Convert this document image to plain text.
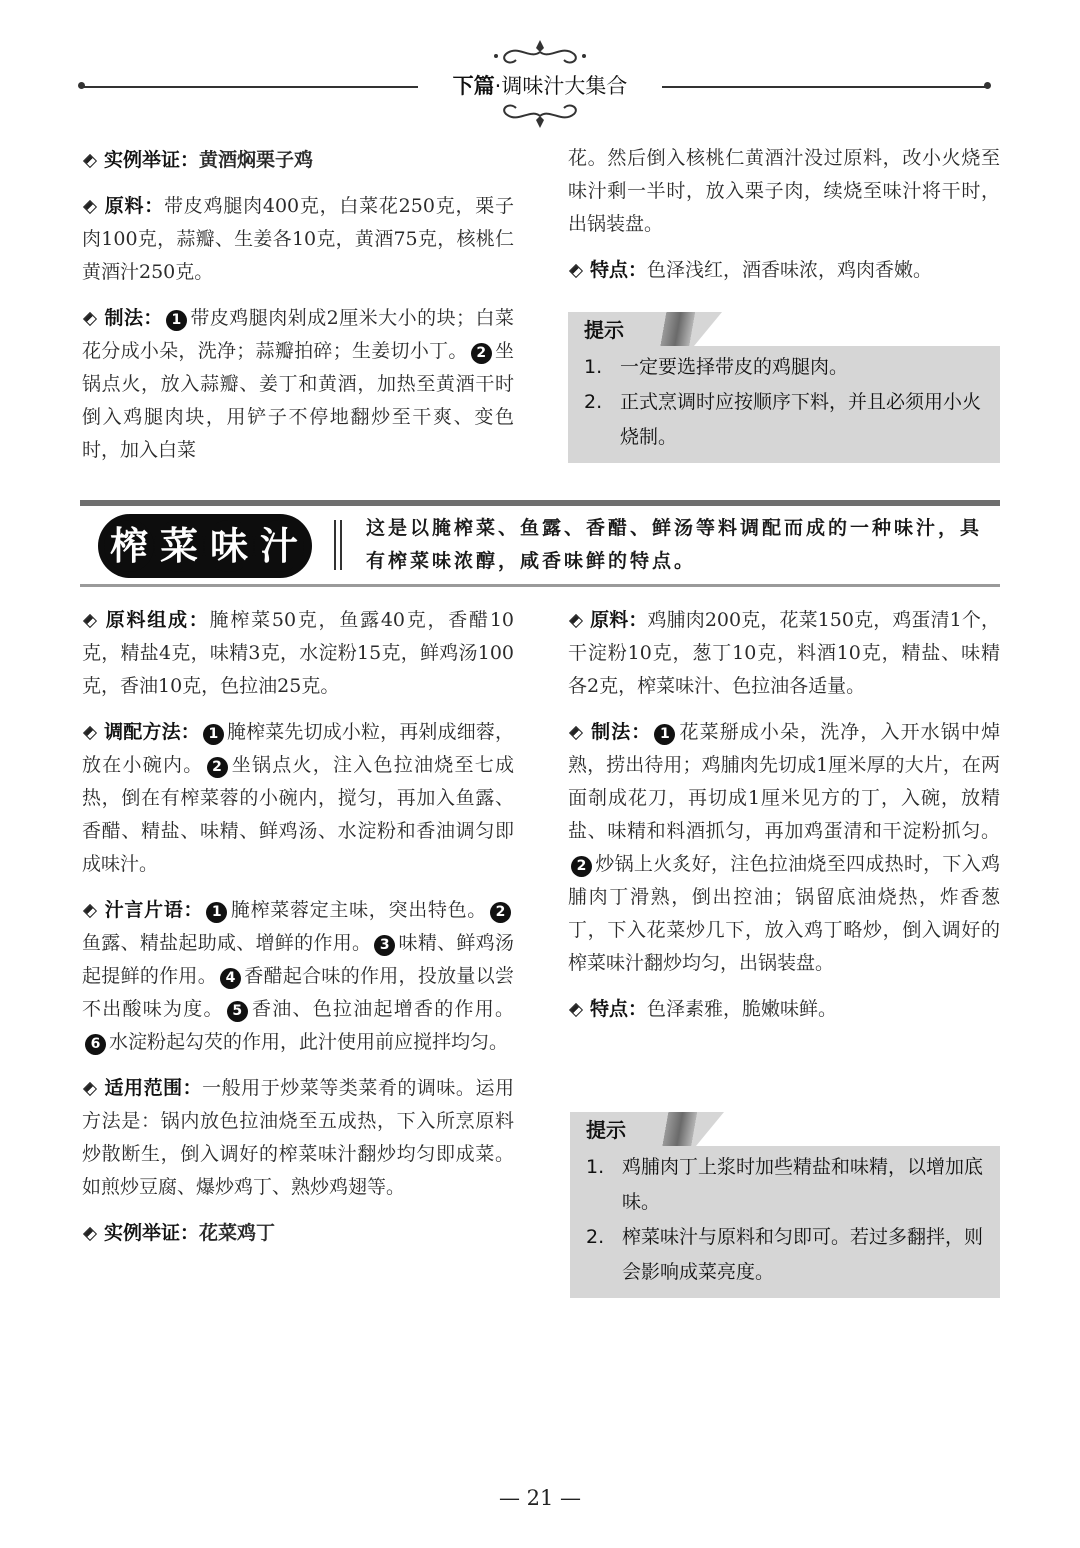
下篇·调味汁大集合

实例举证：黄酒焖栗子鸡

原料：带皮鸡腿肉400克，白菜花250克，栗子肉100克，蒜瓣、生姜各10克，黄酒75克，核桃仁黄酒汁250克。

制法： 1 带皮鸡腿肉剁成2厘米大小的块；白菜花分成小朵，洗净；蒜瓣拍碎；生姜切小丁。 2 坐锅点火，放入蒜瓣、姜丁和黄酒，加热至黄酒干时倒入鸡腿肉块，用铲子不停地翻炒至干爽、变色时，加入白菜

花。然后倒入核桃仁黄酒汁没过原料，改小火烧至味汁剩一半时，放入栗子肉，续烧至味汁将干时，出锅装盘。

特点：色泽浅红，酒香味浓，鸡肉香嫩。

提示
1. 一定要选择带皮的鸡腿肉。
2. 正式烹调时应按顺序下料，并且必须用小火烧制。
榨 菜 味 汁	这是以腌榨菜、鱼露、香醋、鲜汤等料调配而成的一种味汁，具有榨菜味浓醇，咸香味鲜的特点。

原料组成：腌榨菜50克，鱼露40克，香醋10克，精盐4克，味精3克，水淀粉15克，鲜鸡汤100克，香油10克，色拉油25克。

调配方法： 1 腌榨菜先切成小粒，再剁成细蓉，放在小碗内。 2 坐锅点火，注入色拉油烧至七成热，倒在有榨菜蓉的小碗内，搅匀，再加入鱼露、香醋、精盐、味精、鲜鸡汤、水淀粉和香油调匀即成味汁。

汁言片语： 1 腌榨菜蓉定主味，突出特色。 2鱼露、精盐起助咸、增鲜的作用。 3 味精、鲜鸡汤起提鲜的作用。 4 香醋起合味的作用，投放量以尝不出酸味为度。 5 香油、色拉油起增香的作用。6 水淀粉起勾芡的作用，此汁使用前应搅拌均匀。

适用范围：一般用于炒菜等类菜肴的调味。运用方法是：锅内放色拉油烧至五成热，下入所烹原料炒散断生，倒入调好的榨菜味汁翻炒均匀即成菜。如煎炒豆腐、爆炒鸡丁、熟炒鸡翅等。

实例举证：花菜鸡丁

原料：鸡脯肉200克，花菜150克，鸡蛋清1个，干淀粉10克，葱丁10克，料酒10克，精盐、味精各2克，榨菜味汁、色拉油各适量。

制法： 1 花菜掰成小朵，洗净，入开水锅中焯熟，捞出待用；鸡脯肉先切成1厘米厚的大片，在两面剞成花刀，再切成1厘米见方的丁，入碗，放精盐、味精和料酒抓匀，再加鸡蛋清和干淀粉抓匀。2 炒锅上火炙好，注色拉油烧至四成热时，下入鸡脯肉丁滑熟，倒出控油；锅留底油烧热，炸香葱丁，下入花菜炒几下，放入鸡丁略炒，倒入调好的榨菜味汁翻炒均匀，出锅装盘。

特点：色泽素雅，脆嫩味鲜。

提示
1. 鸡脯肉丁上浆时加些精盐和味精，以增加底味。
2. 榨菜味汁与原料和匀即可。若过多翻拌，则会影响成菜亮度。
— 21 —
